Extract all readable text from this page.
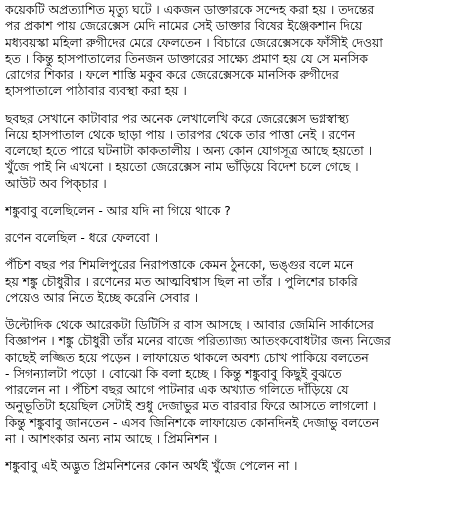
কয়েকটি অপ্রত্যাশিত মৃত্যু ঘটে । একজন ডাক্তারকে সন্দেহ করা হয় । তদন্তের
পর প্রকাশ পায় জেরেক্সেস মেদি নামের সেই ডাক্তার বিষের ইঞ্জেকশান দিয়ে
মধ্যবয়স্কা মহিলা রুগীদের মেরে ফেলতেন । বিচারে জেরেক্সেসকে ফাঁসীই দেওয়া
হত । কিন্তু হাসপাতালের তিনজন ডাক্তারের সাক্ষ্যে প্রমাণ হয় যে সে মনসিক
রোগের শিকার । ফলে শাস্তি মকুব করে জেরেক্সেসকে মানসিক রুগীদের
হাসপাতালে পাঠাবার ব্যবস্থা করা হয় ।

ছবছর সেখানে কাটাবার পর অনেক লেখালেখি করে জেরেক্সেস ভগ্নস্বাস্থ্য
নিয়ে হাসপাতাল থেকে ছাড়া পায় । তারপর থেকে তার পাত্তা নেই । রণেন
বলেছো হতে পারে ঘটনাটা কাকতালীয় । অন্য কোন যোগসূত্র আছে হয়তো ।
খুঁজে পাই নি এখনো । হয়তো জেরেক্সেস নাম ভাঁড়িয়ে বিদেশ চলে গেছে ।
আউট অব পিক্চার ।

শঙ্কুবাবু বলেছিলেন - আর যদি না গিয়ে থাকে ?

রণেন বলেছিল - ধরে ফেলবো ।

পঁচিশ বছর পর শিমলিপুরের নিরাপত্তাকে কেমন ঠুনকো, ভঙ্গুর বলে মনে
হয় শঙ্কু চৌধুরীর । রণেনের মত আত্মবিশ্বাস ছিল না তাঁর । পুলিশের চাকরি
পেয়েও আর নিতে ইচ্ছে করেনি সেবার ।

উল্টোদিক থেকে আরেকটা ডিটিসি র বাস আসছে । আবার জেমিনি সার্কাসের
বিজ্ঞাপন । শঙ্কু চৌধুরী তাঁর মনের বাজে পরিত্যাজ্য আতংকবোধটার জন্য নিজের
কাছেই লজ্জিত হয়ে পড়েন । লাফায়েত থাকলে অবশ্য চোখ পাকিয়ে বলতেন
- সিগন্যালটা পড়ো । বোঝো কি বলা হচ্ছে । কিন্তু শঙ্কুবাবু কিছুই বুঝতে
পারলেন না । পঁচিশ বছর আগে পাটনার এক অখ্যাত গলিতে দাঁড়িয়ে যে
অনুভূতিটা হয়েছিল সেটাই শুধু দেজাভুর মত বারবার ফিরে আসতে লাগলো ।
কিন্তু শঙ্কুবাবু জানতেন - এসব জিনিশকে লাফায়েত কোনদিনই দেজাভু বলতেন
না । আশংকার অন্য নাম আছে । প্রিমনিশন ।

শঙ্কুবাবু এই অদ্ভুত প্রিমনিশনের কোন অর্থই খুঁজে পেলেন না ।
